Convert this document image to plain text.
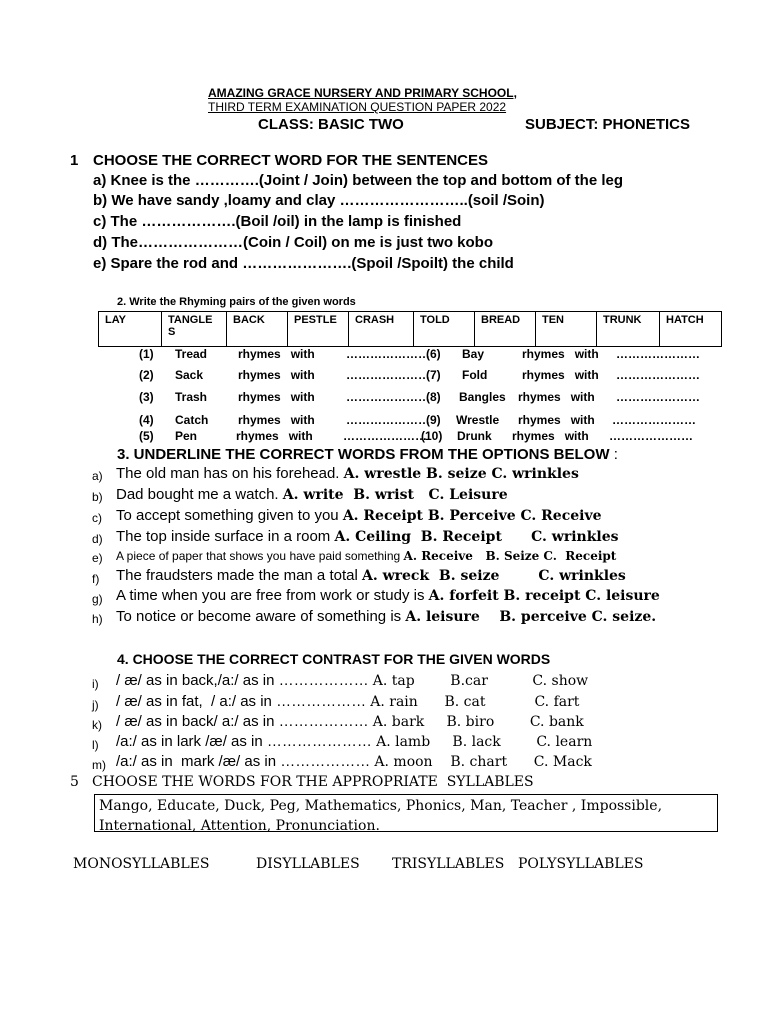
AMAZING GRACE NURSERY AND PRIMARY SCHOOL,
THIRD TERM EXAMINATION QUESTION PAPER 2022
CLASS: BASIC TWO	SUBJECT: PHONETICS
1 CHOOSE THE CORRECT WORD FOR THE SENTENCES
a) Knee is the ………….(Joint / Join) between the top and bottom of the leg
b) We have sandy ,loamy and clay ……………………..(soil /Soin)
c) The ……………….(Boil /oil) in the lamp is finished
d) The…………………(Coin / Coil) on me is just two kobo
e) Spare the rod and ………………….(Spoil /Spoilt) the child
2. Write the Rhyming pairs of the given words
LAY	TANGLE S	BACK	PESTLE	CRASH	TOLD	BREAD	TEN	TRUNK	HATCH
(1) Tread	rhymes   with	…………………
(6) Bay	rhymes   with …………………
(2) Sack	rhymes   with	…………………
(7) Fold	rhymes   with …………………
(3) Trash	rhymes   with	…………………
(8) Bangles rhymes   with …………………
(4) Catch rhymes   with	…………………
(9) Wrestle rhymes   with …………………
(5) Pen	rhymes   with	…………………
(10) Drunk rhymes   with …………………
3. UNDERLINE THE CORRECT WORDS FROM THE OPTIONS BELOW :
a) The old man has on his forehead. A. wrestle B. seize C. wrinkles
b) Dad bought me a watch. A. write  B. wrist   C. Leisure
c) To accept something given to you A. Receipt B. Perceive C. Receive
d) The top inside surface in a room A. Ceiling  B. Receipt      C. wrinkles
e) A piece of paper that shows you have paid something A. Receive   B. Seize C.  Receipt
f) The fraudsters made the man a total A. wreck  B. seize        C. wrinkles
g) A time when you are free from work or study is A. forfeit B. receipt C. leisure
h) To notice or become aware of something is A. leisure    B. perceive C. seize.
4. CHOOSE THE CORRECT CONTRAST FOR THE GIVEN WORDS
i) / æ/ as in back,/a:/ as in ……………… A. tap        B.car          C. show
j) / æ/ as in fat,  / a:/ as in ……………… A. rain      B. cat           C. fart
k) / æ/ as in back/ a:/ as in ……………… A. bark     B. biro        C. bank
l) /a:/ as in lark /æ/ as in ………………… A. lamb     B. lack        C. learn
m) /a:/ as in  mark /æ/ as in ……………… A. moon    B. chart      C. Mack
5 CHOOSE THE WORDS FOR THE APPROPRIATE  SYLLABLES
Mango, Educate, Duck, Peg, Mathematics, Phonics, Man, Teacher , Impossible,
International, Attention, Pronunciation.
MONOSYLLABLES	DISYLLABLES TRISYLLABLES POLYSYLLABLES
